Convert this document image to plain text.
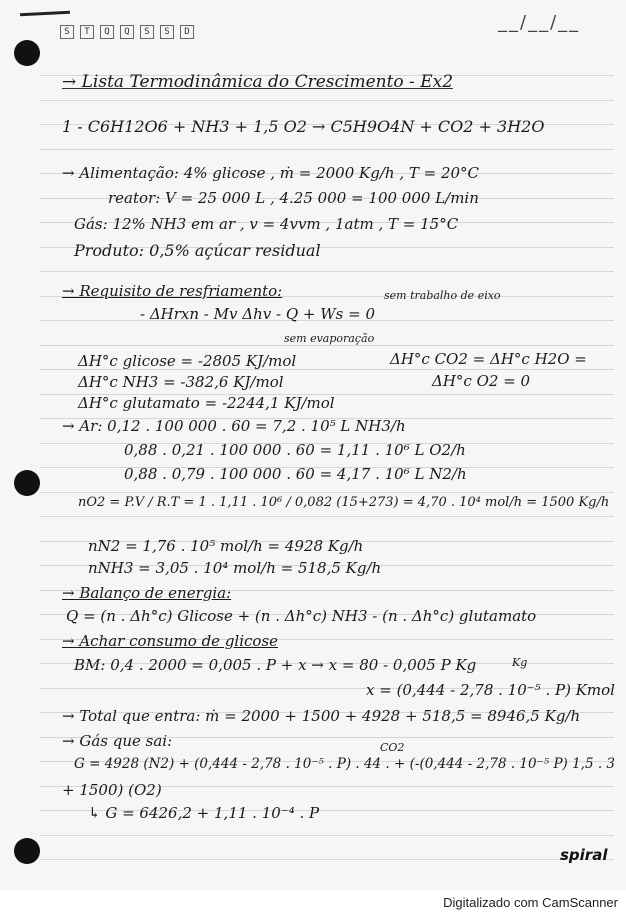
S	T	Q	Q	S	S	D	__/__/__
→ Lista Termodinâmica do Crescimento - Ex2
1 - C6H12O6 + NH3 + 1,5 O2 → C5H9O4N + CO2 + 3H2O
→ Alimentação: 4% glicose , ṁ = 2000 Kg/h , T = 20°C
reator: V = 25 000 L , 4.25 000 = 100 000 L/min
Gás: 12% NH3 em ar , v = 4vvm , 1atm , T = 15°C
Produto: 0,5% açúcar residual
→ Requisito de resfriamento:
- ΔHrxn - Mv Δhv - Q + Ws = 0
ΔH°c glicose = -2805 KJ/mol
ΔH°c NH3 = -382,6 KJ/mol
ΔH°c glutamato = -2244,1 KJ/mol
ΔH°c CO2 = ΔH°c H2O =
ΔH°c O2 = 0
→ Ar: 0,12 . 100 000 . 60 = 7,2 . 10⁵ L NH3/h
0,88 . 0,21 . 100 000 . 60 = 1,11 . 10⁶ L O2/h
0,88 . 0,79 . 100 000 . 60 = 4,17 . 10⁶ L N2/h
nO2 = P.V / R.T = 1 . 1,11 . 10⁶ / 0,082 (15+273) = 4,70 . 10⁴ mol/h = 1500 Kg/h
nN2 = 1,76 . 10⁵ mol/h = 4928 Kg/h
nNH3 = 3,05 . 10⁴ mol/h = 518,5 Kg/h
→ Balanço de energia:
Q = (n . Δh°c) Glicose + (n . Δh°c) NH3 - (n . Δh°c) glutamato
→ Achar consumo de glicose
BM: 0,4 . 2000 = 0,005 . P + x → x = 80 - 0,005 P Kg
x = (0,444 - 2,78 . 10⁻⁵ . P) Kmol
→ Total que entra: ṁ = 2000 + 1500 + 4928 + 518,5 = 8946,5 Kg/h
→ Gás que sai:
G = 4928 (N2) + (0,444 - 2,78 . 10⁻⁵ . P) . 44 . + (-(0,444 - 2,78 . 10⁻⁵ P) 1,5 . 3
+ 1500) (O2)
↳ G = 6426,2 + 1,11 . 10⁻⁴ . P
sem trabalho de eixo
sem evaporação
CO2
Kg
spiral
Digitalizado com CamScanner
